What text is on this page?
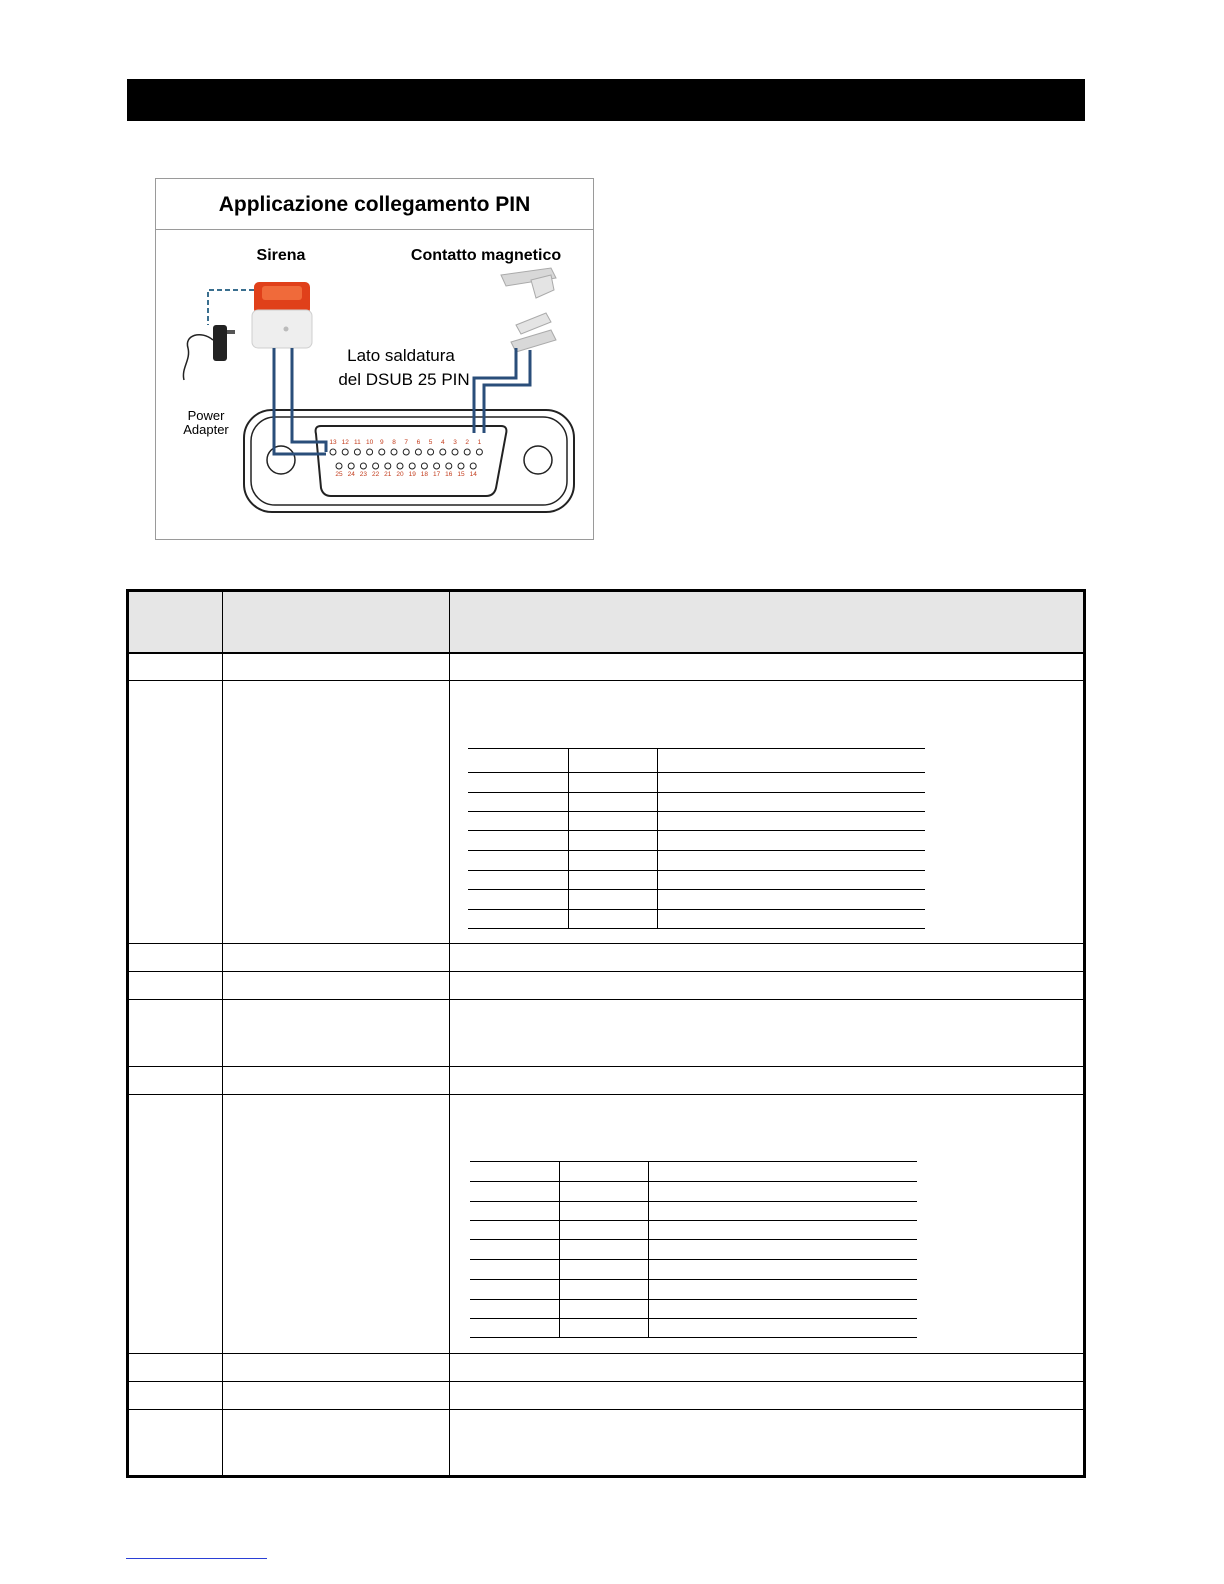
Applicazione collegamento PIN
Sirena	Contatto magnetico
Lato saldatura
del DSUB 25 PIN
Power
Adapter
13 12 11 10 9 8 7 6 5 4 3 2 1
25 24 23 22 21 20 19 18 17 16 15 14
